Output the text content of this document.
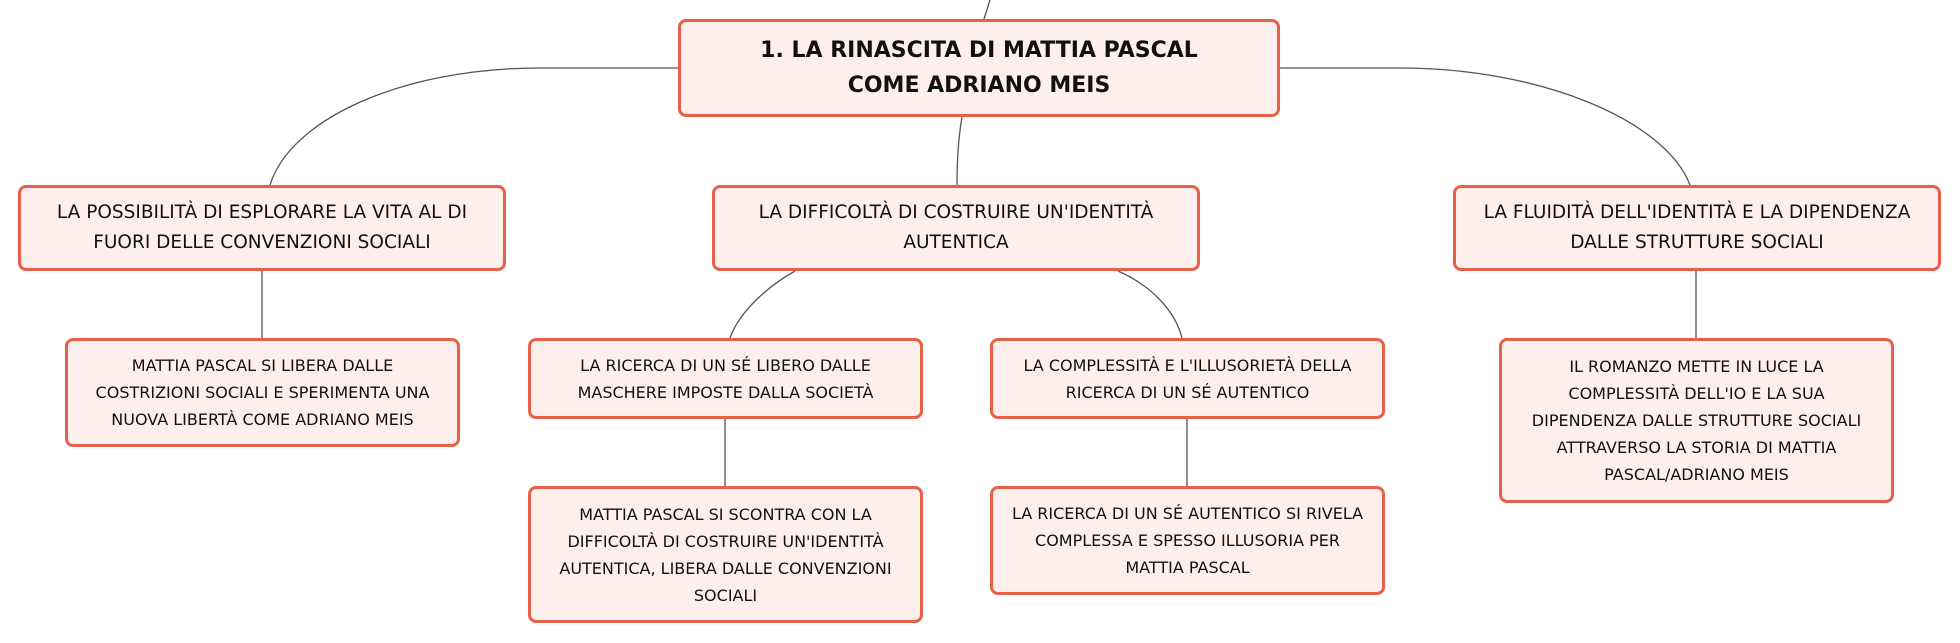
1. LA RINASCITA DI MATTIA PASCAL COME ADRIANO MEIS
LA POSSIBILITÀ DI ESPLORARE LA VITA AL DI FUORI DELLE CONVENZIONI SOCIALI
LA DIFFICOLTÀ DI COSTRUIRE UN'IDENTITÀ AUTENTICA
LA FLUIDITÀ DELL'IDENTITÀ E LA DIPENDENZA DALLE STRUTTURE SOCIALI
MATTIA PASCAL SI LIBERA DALLE COSTRIZIONI SOCIALI E SPERIMENTA UNA NUOVA LIBERTÀ COME ADRIANO MEIS
LA RICERCA DI UN SÉ LIBERO DALLE MASCHERE IMPOSTE DALLA SOCIETÀ
LA COMPLESSITÀ E L'ILLUSORIETÀ DELLA RICERCA DI UN SÉ AUTENTICO
IL ROMANZO METTE IN LUCE LA COMPLESSITÀ DELL'IO E LA SUA DIPENDENZA DALLE STRUTTURE SOCIALI ATTRAVERSO LA STORIA DI MATTIA PASCAL/ADRIANO MEIS
MATTIA PASCAL SI SCONTRA CON LA DIFFICOLTÀ DI COSTRUIRE UN'IDENTITÀ AUTENTICA, LIBERA DALLE CONVENZIONI SOCIALI
LA RICERCA DI UN SÉ AUTENTICO SI RIVELA COMPLESSA E SPESSO ILLUSORIA PER MATTIA PASCAL
